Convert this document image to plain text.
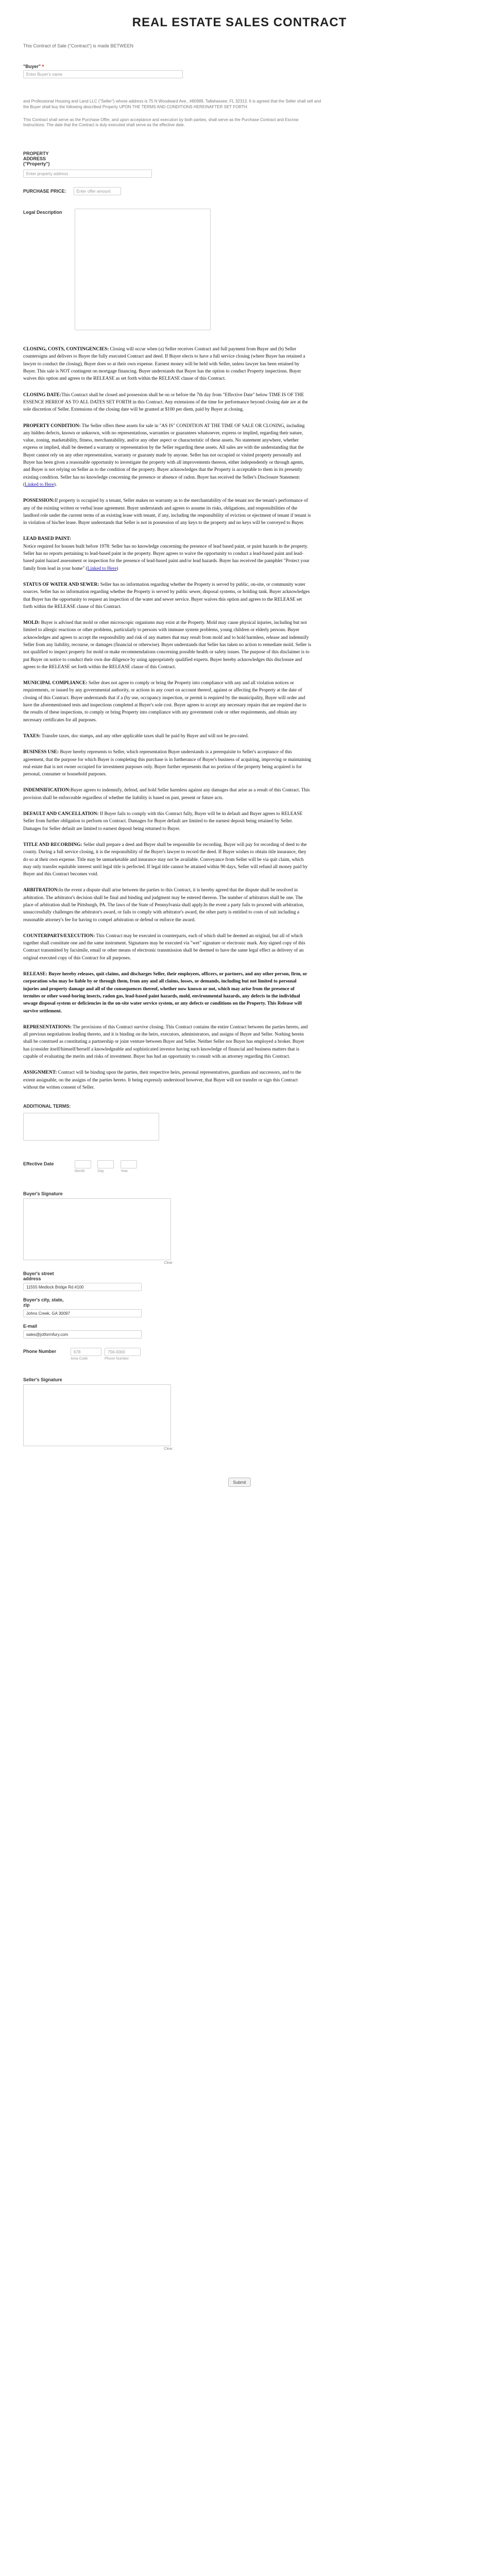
REAL ESTATE SALES CONTRACT

This Contract of Sale ("Contract") is made BETWEEN

"Buyer" *
Enter Buyer's name

and Professional Housing and Land LLC ("Seller") whose address is 75 N Woodward Ave., #80989, Tallahassee, FL 32313. It is agreed that the Seller shall sell and the Buyer shall buy the following described Property UPON THE TERMS AND CONDITIONS HEREINAFTER SET FORTH.

This Contract shall serve as the Purchase Offer, and upon acceptance and execution by both parties, shall serve as the Purchase Contract and Escrow Instructions. The date that the Contract is duly executed shall serve as the effective date.

PROPERTY
ADDRESS
("Property")
Enter property address
PURCHASE PRICE:	Enter offer amount
Legal Description

CLOSING, COSTS, CONTINGENCIES: Closing will occur when (a) Seller receives Contract and full payment from Buyer and (b) Seller countersigns and delivers to Buyer the fully executed Contract and deed. If Buyer elects to have a full service closing (where Buyer has retained a lawyer to conduct the closing), Buyer does so at their own expense. Earnest money will be held with Seller, unless lawyer has been retained by Buyer. This sale is NOT contingent on mortgage financing. Buyer understands that Buyer has the option to conduct Property inspections. Buyer waives this option and agrees to the RELEASE as set forth within the RELEASE clause of this Contract.

CLOSING DATE:This Contract shall be closed and possession shall be on or before the 7th day from "Effective Date" below TIME IS OF THE ESSENCE HEREOF AS TO ALL DATES SET FORTH in this Contract. Any extensions of the time for performance beyond closing date are at the sole discretion of Seller. Extensions of the closing date will be granted at $100 per diem, paid by Buyer at closing.

PROPERTY CONDITION: The Seller offers these assets for sale in "AS IS" CONDITION AT THE TIME OF SALE OR CLOSING, including any hidden defects, known or unknown, with no representations, warranties or guarantees whatsoever, express or implied, regarding their nature, value, zoning, marketability, fitness, merchantability, and/or any other aspect or characteristic of these assets. No statement anywhere, whether express or implied, shall be deemed a warranty or representation by the Seller regarding these assets. All sales are with the understanding that the Buyer cannot rely on any other representation, warranty or guaranty made by anyone. Seller has not occupied or visited property personally and Buyer has been given a reasonable opportunity to investigate the property with all improvements thereon, either independently or through agents, and Buyer is not relying on Seller as to the condition of the property. Buyer acknowledges that the Property is acceptable to them in its presently existing condition. Seller has no knowledge concerning the presence or absence of radon. Buyer has received the Seller's Disclosure Statement: (Linked to Here).

POSSESSION:If property is occupied by a tenant, Seller makes no warranty as to the merchantability of the tenant nor the tenant's performance of any of the existing written or verbal lease agreement. Buyer understands and agrees to assume its risks, obligations, and responsibilities of the landlord role under the current terms of an existing lease with tenant, if any, including the responsibility of eviction or ejectment of tenant if tenant is in violation of his/her lease. Buyer understands that Seller is not in possession of any keys to the property and no keys will be conveyed to Buyer.

LEAD BASED PAINT:
Notice required for houses built before 1978: Seller has no knowledge concerning the presence of lead based paint, or paint hazards in the property. Seller has no reports pertaining to lead-based paint in the property. Buyer agrees to waive the opportunity to conduct a lead-based paint and lead-based paint hazard assessment or inspection for the presence of lead-based paint and/or lead hazards. Buyer has received the pamphlet "Protect your family from lead in your home" (Linked to Here)

STATUS OF WATER AND SEWER: Seller has no information regarding whether the Property is served by public, on-site, or community water sources. Seller has no information regarding whether the Property is served by public sewer, disposal systems, or holding tank. Buyer acknowledges that Buyer has the opportunity to request an inspection of the water and sewer service. Buyer waives this option and agrees to the RELEASE set forth within the RELEASE clause of this Contract.

MOLD: Buyer is advised that mold or other microscopic organisms may exist at the Property. Mold may cause physical injuries, including but not limited to allergic reactions or other problems, particularly to persons with immune system problems, young children or elderly persons. Buyer acknowledges and agrees to accept the responsibility and risk of any matters that may result from mold and to hold harmless, release and indemnify Seller from any liability, recourse, or damages (financial or otherwise). Buyer understands that Seller has taken no action to remediate mold. Seller is not qualified to inspect property for mold or make recommendations concerning possible health or safety issues. The purpose of this disclaimer is to put Buyer on notice to conduct their own due diligence by using appropriately qualified experts. Buyer hereby acknowledges this disclosure and agrees to the RELEASE set forth within the RELEASE clause of this Contract.

MUNICIPAL COMPLIANCE: Seller does not agree to comply or bring the Property into compliance with any and all violation notices or requirements, or issued by any governmental authority, or actions in any court on account thereof, against or affecting the Property at the date of closing of this Contract. Buyer understands that if a (by use, occupancy inspection, or permit is required by the municipality, Buyer will order and have the aforementioned tests and inspections completed at Buyer's sole cost. Buyer agrees to accept any necessary repairs that are required due to the results of these inspections, to comply or bring Property into compliance with any government code or other requirements, and obtain any necessary certificates for all purposes.

TAXES: Transfer taxes, doc stamps, and any other applicable taxes shall be paid by Buyer and will not be pro-rated.

BUSINESS USE: Buyer hereby represents to Seller, which representation Buyer understands is a prerequisite to Seller's acceptance of this agreement, that the purpose for which Buyer is completing this purchase is in furtherance of Buyer's business of acquiring, improving or maintaining real estate that is not owner occupied for investment purposes only. Buyer further represents that no portion of the property being acquired is for personal, consumer or household purposes.

INDEMNIFICATION:Buyer agrees to indemnify, defend, and hold Seller harmless against any damages that arise as a result of this Contract. This provision shall be enforceable regardless of whether the liability is based on past, present or future acts.

DEFAULT AND CANCELLATION: If Buyer fails to comply with this Contract fully, Buyer will be in default and Buyer agrees to RELEASE Seller from further obligation to perform on Contract. Damages for Buyer default are limited to the earnest deposit being retained by Seller. Damages for Seller default are limited to earnest deposit being returned to Buyer.

TITLE AND RECORDING: Seller shall prepare a deed and Buyer shall be responsible for recording. Buyer will pay for recording of deed to the county. During a full service closing, it is the responsibility of the Buyer's lawyer to record the deed. If Buyer wishes to obtain title insurance, they do so at their own expense. Title may be unmarketable and insurance may not be available. Conveyance from Seller will be via quit claim, which may only transfer equitable interest until legal title is perfected. If legal title cannot be attained within 90 days, Seller will refund all money paid by Buyer and this Contract becomes void.

ARBITRATION:In the event a dispute shall arise between the parties to this Contract, it is hereby agreed that the dispute shall be resolved in arbitration. The arbitrator's decision shall be final and binding and judgment may be entered thereon. The number of arbitrators shall be one. The place of arbitration shall be Pittsburgh, PA. The laws of the State of Pennsylvania shall apply.In the event a party fails to proceed with arbitration, unsuccessfully challenges the arbitrator's award, or fails to comply with arbitrator's award, the other party is entitled to costs of suit including a reasonable attorney's fee for having to compel arbitration or defend or enforce the award.

COUNTERPARTS/EXECUTION: This Contract may be executed in counterparts, each of which shall be deemed an original, but all of which together shall constitute one and the same instrument. Signatures may be executed via "wet" signature or electronic mark. Any signed copy of this Contract transmitted by facsimile, email or other means of electronic transmission shall be deemed to have the same legal effect as delivery of an original executed copy of this Contract for all purposes.

RELEASE: Buyer hereby releases, quit claims, and discharges Seller, their employees, officers, or partners, and any other person, firm, or corporation who may be liable by or through them, from any and all claims, losses, or demands, including but not limited to personal injuries and property damage and all of the consequences thereof, whether now known or not, which may arise from the presence of termites or other wood-boring insects, radon gas, lead-based paint hazards, mold, environmental hazards, any defects in the individual sewage disposal system or deficiencies in the on-site water service system, or any defects or conditions on the Property. This Release will survive settlement.

REPRESENTATIONS: The provisions of this Contract survive closing. This Contract contains the entire Contract between the parties hereto, and all previous negotiations leading thereto, and it is binding on the heirs, executors, administrators, and assigns of Buyer and Seller. Nothing herein shall be construed as constituting a partnership or joint venture between Buyer and Seller. Neither Seller nor Buyer has employed a broker. Buyer has (consider itself/himself/herself a knowledgeable and sophisticated investor having such knowledge of financial and business matters that is capable of evaluating the merits and risks of investment. Buyer has had an opportunity to consult with an attorney regarding this Contract.

ASSIGNMENT: Contract will be binding upon the parties, their respective heirs, personal representatives, guardians and successors, and to the extent assignable, on the assigns of the parties hereto. It being expressly understood however, that Buyer will not transfer or sign this Contract without the written consent of Seller.

ADDITIONAL TERMS:
Effective Date
Month
	Day
	Year
Buyer's Signature
Clear
Buyer's street
address
11555 Medlock Bridge Rd #100
Buyer's city, state,
zip
Johns Creek, GA 30097
E-mail
sales@jotformfury.com
Phone Number	678
Area Code
756-0000
Phone Number
Seller's Signature
Clear
Submit
